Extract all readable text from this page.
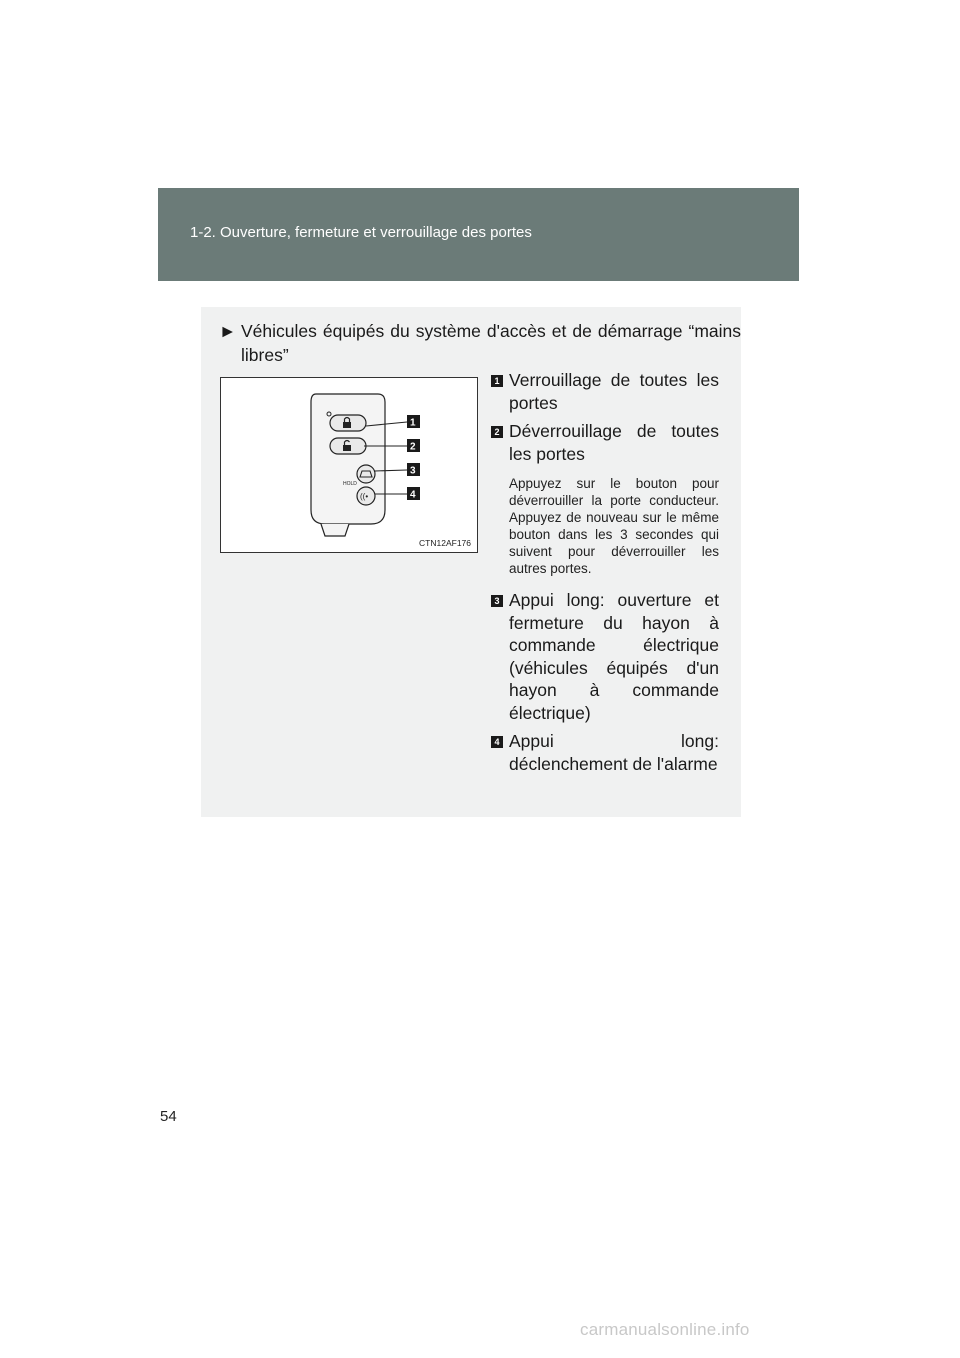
1-2. Ouverture, fermeture et verrouillage des portes
► Véhicules équipés du système d'accès et de démarrage “mains libres”
HOLD
((•
1
2
3
4
CTN12AF176
1 Verrouillage de toutes les portes
2 Déverrouillage de toutes les portes
Appuyez sur le bouton pour déverrouiller la porte conducteur. Appuyez de nouveau sur le même bouton dans les 3 secondes qui suivent pour déverrouiller les autres portes.
3 Appui long: ouverture et fermeture du hayon à commande électrique (véhicules équipés d'un hayon à commande électrique)
4 Appui long: déclenchement de l'alarme
54
carmanualsonline.info
